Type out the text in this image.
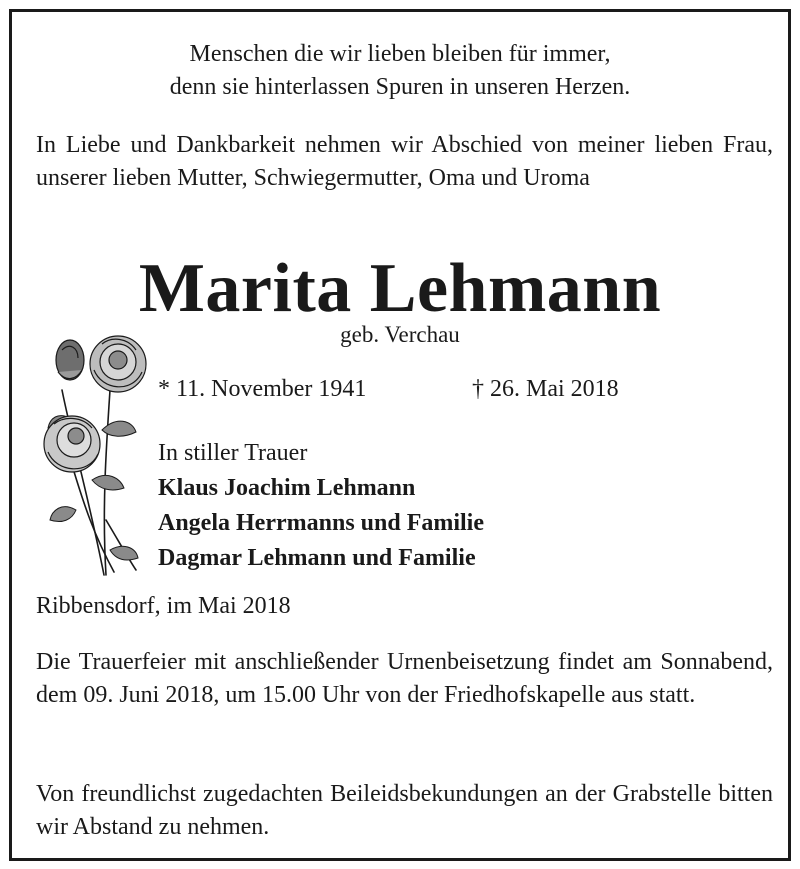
Menschen die wir lieben bleiben für immer,
denn sie hinterlassen Spuren in unseren Herzen.
In Liebe und Dankbarkeit nehmen wir Abschied von meiner lieben Frau, unserer lieben Mutter, Schwiegermutter, Oma und Uroma
Marita Lehmann
geb. Verchau
* 11. November 1941	† 26. Mai 2018
In stiller Trauer
Klaus Joachim Lehmann
Angela Herrmanns und Familie
Dagmar Lehmann und Familie
Ribbensdorf, im Mai 2018
Die Trauerfeier mit anschließender Urnenbeisetzung findet am Sonnabend, dem 09. Juni 2018, um 15.00 Uhr von der Friedhofskapelle aus statt.
Von freundlichst zugedachten Beileidsbekundungen an der Grabstelle bitten wir Abstand zu nehmen.
